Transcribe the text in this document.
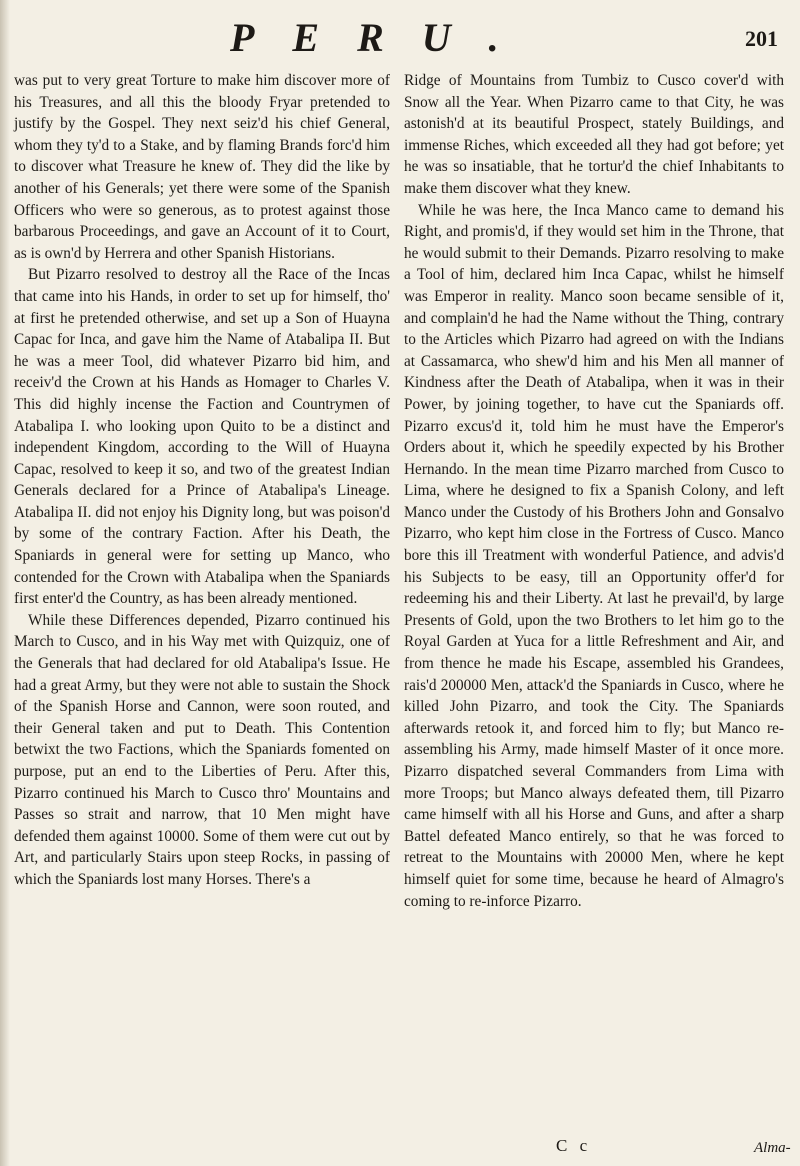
PERU.	201

was put to very great Torture to make him discover more of his Treasures, and all this the bloody Fryar pretended to justify by the Gospel. They next seiz'd his chief General, whom they ty'd to a Stake, and by flaming Brands forc'd him to discover what Treasure he knew of. They did the like by another of his Generals; yet there were some of the Spanish Officers who were so generous, as to protest against those barbarous Proceedings, and gave an Account of it to Court, as is own'd by Herrera and other Spanish Historians.

But Pizarro resolved to destroy all the Race of the Incas that came into his Hands, in order to set up for himself, tho' at first he pretended otherwise, and set up a Son of Huayna Capac for Inca, and gave him the Name of Atabalipa II. But he was a meer Tool, did whatever Pizarro bid him, and receiv'd the Crown at his Hands as Homager to Charles V. This did highly incense the Faction and Countrymen of Atabalipa I. who looking upon Quito to be a distinct and independent Kingdom, according to the Will of Huayna Capac, resolved to keep it so, and two of the greatest Indian Generals declared for a Prince of Atabalipa's Lineage. Atabalipa II. did not enjoy his Dignity long, but was poison'd by some of the contrary Faction. After his Death, the Spaniards in general were for setting up Manco, who contended for the Crown with Atabalipa when the Spaniards first enter'd the Country, as has been already mentioned.

While these Differences depended, Pizarro continued his March to Cusco, and in his Way met with Quizquiz, one of the Generals that had declared for old Atabalipa's Issue. He had a great Army, but they were not able to sustain the Shock of the Spanish Horse and Cannon, were soon routed, and their General taken and put to Death. This Contention betwixt the two Factions, which the Spaniards fomented on purpose, put an end to the Liberties of Peru. After this, Pizarro continued his March to Cusco thro' Mountains and Passes so strait and narrow, that 10 Men might have defended them against 10000. Some of them were cut out by Art, and particularly Stairs upon steep Rocks, in passing of which the Spaniards lost many Horses. There's a

Ridge of Mountains from Tumbiz to Cusco cover'd with Snow all the Year. When Pizarro came to that City, he was astonish'd at its beautiful Prospect, stately Buildings, and immense Riches, which exceeded all they had got before; yet he was so insatiable, that he tortur'd the chief Inhabitants to make them discover what they knew.

While he was here, the Inca Manco came to demand his Right, and promis'd, if they would set him in the Throne, that he would submit to their Demands. Pizarro resolving to make a Tool of him, declared him Inca Capac, whilst he himself was Emperor in reality. Manco soon became sensible of it, and complain'd he had the Name without the Thing, contrary to the Articles which Pizarro had agreed on with the Indians at Cassamarca, who shew'd him and his Men all manner of Kindness after the Death of Atabalipa, when it was in their Power, by joining together, to have cut the Spaniards off. Pizarro excus'd it, told him he must have the Emperor's Orders about it, which he speedily expected by his Brother Hernando. In the mean time Pizarro marched from Cusco to Lima, where he designed to fix a Spanish Colony, and left Manco under the Custody of his Brothers John and Gonsalvo Pizarro, who kept him close in the Fortress of Cusco. Manco bore this ill Treatment with wonderful Patience, and advis'd his Subjects to be easy, till an Opportunity offer'd for redeeming his and their Liberty. At last he prevail'd, by large Presents of Gold, upon the two Brothers to let him go to the Royal Garden at Yuca for a little Refreshment and Air, and from thence he made his Escape, assembled his Grandees, rais'd 200000 Men, attack'd the Spaniards in Cusco, where he killed John Pizarro, and took the City. The Spaniards afterwards retook it, and forced him to fly; but Manco re-assembling his Army, made himself Master of it once more. Pizarro dispatched several Commanders from Lima with more Troops; but Manco always defeated them, till Pizarro came himself with all his Horse and Guns, and after a sharp Battel defeated Manco entirely, so that he was forced to retreat to the Mountains with 20000 Men, where he kept himself quiet for some time, because he heard of Almagro's coming to re-inforce Pizarro.

C c	Alma-
